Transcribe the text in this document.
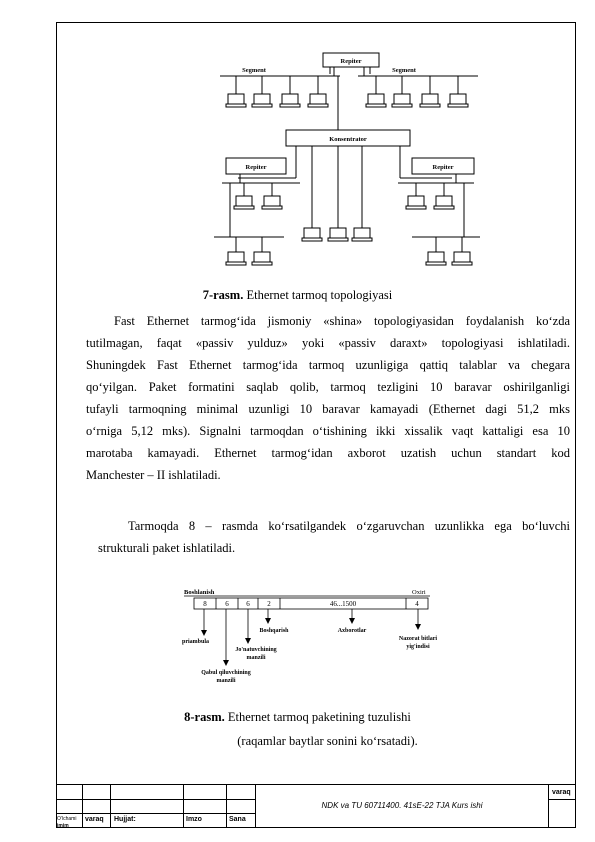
Repiter
Segment	Segment
Konsentrator
Repiter	Repiter
7-rasm. Ethernet tarmoq topologiyasi
Fast Ethernet tarmog‘ida jismoniy «shina» topologiyasidan foydalanish ko‘zda
tutilmagan, faqat «passiv yulduz» yoki «passiv daraxt» topologiyasi ishlatiladi.
Shuningdek Fast Ethernet tarmog‘ida tarmoq uzunligiga qattiq talablar va chegara
qo‘yilgan. Paket formatini saqlab qolib, tarmoq tezligini 10 baravar oshirilganligi
tufayli tarmoqning minimal uzunligi 10 baravar kamayadi (Ethernet dagi 51,2 mks
o‘rniga 5,12 mks). Signalni tarmoqdan o‘tishining ikki xissalik vaqt kattaligi esa 10
marotaba kamayadi. Ethernet tarmog‘idan axborot uzatish uchun standart kod
Manchester – II ishlatiladi.
Tarmoqda 8 – rasmda ko‘rsatilgandek o‘zgaruvchan uzunlikka ega bo‘luvchi
strukturali paket ishlatiladi.
Boshlanish	Oxiri
8	6	6	2	46...1500	4
priambula
Qabul qiluvchining
manzili
Jo'natuvchining
manzili
Boshqarish	Axborotlar
Nazorat bitlari
yig'indisi
8-rasm. Ethernet tarmoq paketining tuzulishi
(raqamlar baytlar sonini ko‘rsatadi).
NDK va TU 60711400. 41sE-22 TJA Kurs ishi
varaq
O‘lchami
imim
varaq Hujjat:	Imzo	Sana
